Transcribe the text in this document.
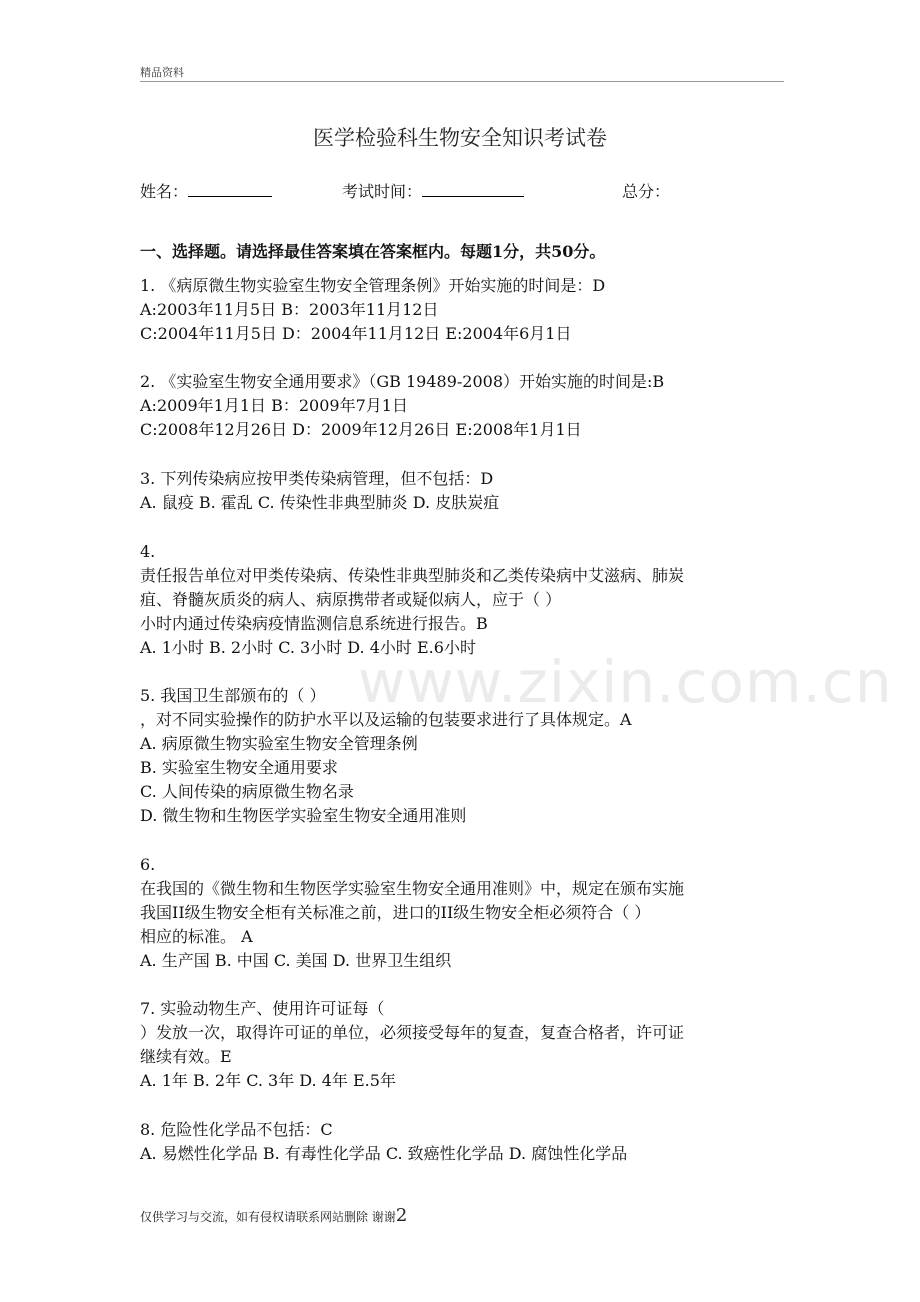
精品资料
医学检验科生物安全知识考试卷
姓名：	考试时间：	总分：
一、选择题。请选择最佳答案填在答案框内。每题1分，共50分。
1. 《病原微生物实验室生物安全管理条例》开始实施的时间是：D
A:2003年11月5日 B：2003年11月12日
C:2004年11月5日 D：2004年11月12日 E:2004年6月1日
2. 《实验室生物安全通用要求》（GB 19489-2008）开始实施的时间是:B
A:2009年1月1日 B：2009年7月1日
C:2008年12月26日 D：2009年12月26日 E:2008年1月1日
3. 下列传染病应按甲类传染病管理，但不包括：D
A. 鼠疫 B. 霍乱 C. 传染性非典型肺炎 D. 皮肤炭疽
4.
责任报告单位对甲类传染病、传染性非典型肺炎和乙类传染病中艾滋病、肺炭
疽、脊髓灰质炎的病人、病原携带者或疑似病人，应于（ ）
小时内通过传染病疫情监测信息系统进行报告。B
A. 1小时 B. 2小时 C. 3小时 D. 4小时 E.6小时
5. 我国卫生部颁布的（ ）
，对不同实验操作的防护水平以及运输的包装要求进行了具体规定。A
A. 病原微生物实验室生物安全管理条例
B. 实验室生物安全通用要求
C. 人间传染的病原微生物名录
D. 微生物和生物医学实验室生物安全通用准则
6.
在我国的《微生物和生物医学实验室生物安全通用准则》中，规定在颁布实施
我国II级生物安全柜有关标准之前，进口的II级生物安全柜必须符合（ ）
相应的标准。 A
A. 生产国 B. 中国 C. 美国 D. 世界卫生组织
7. 实验动物生产、使用许可证每（
）发放一次，取得许可证的单位，必须接受每年的复查，复查合格者，许可证
继续有效。E
A. 1年 B. 2年 C. 3年 D. 4年 E.5年
8. 危险性化学品不包括：C
A. 易燃性化学品 B. 有毒性化学品 C. 致癌性化学品 D. 腐蚀性化学品
www.zixin.com.cn
仅供学习与交流，如有侵权请联系网站删除 谢谢2
